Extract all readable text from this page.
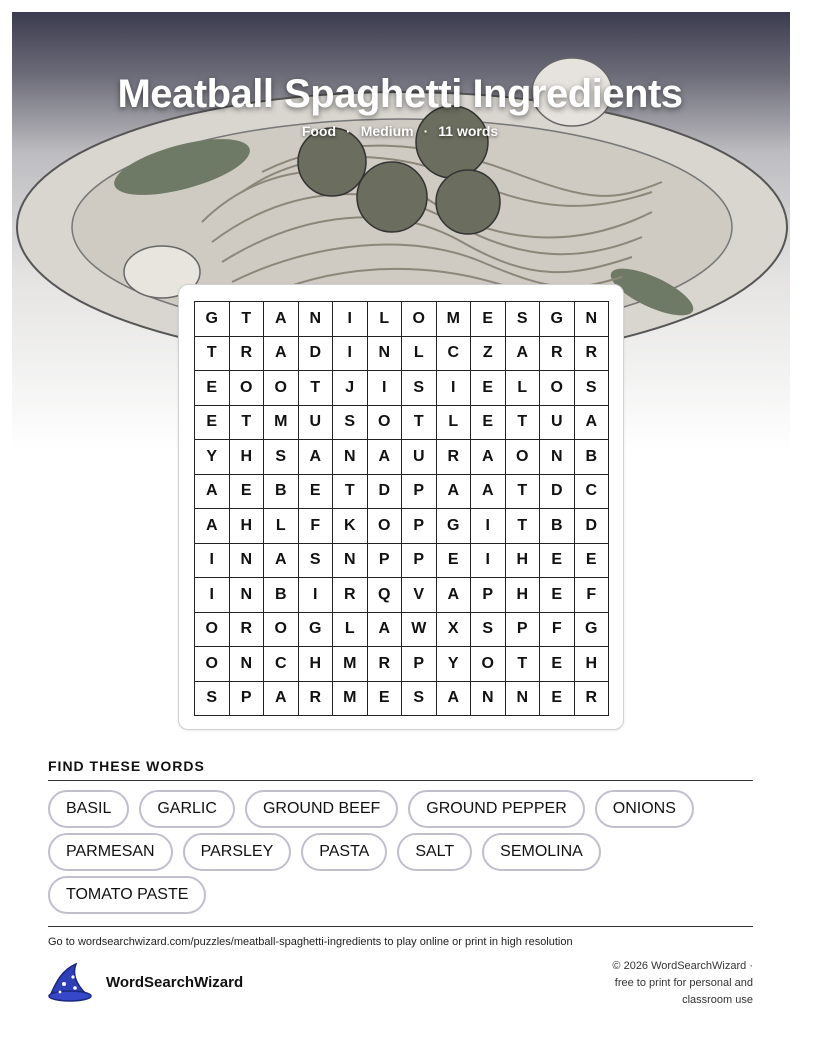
Meatball Spaghetti Ingredients
Food · Medium · 11 words
G	T	A	N	I	L	O	M	E	S	G	N
T	R	A	D	I	N	L	C	Z	A	R	R
E	O	O	T	J	I	S	I	E	L	O	S
E	T	M	U	S	O	T	L	E	T	U	A
Y	H	S	A	N	A	U	R	A	O	N	B
A	E	B	E	T	D	P	A	A	T	D	C
A	H	L	F	K	O	P	G	I	T	B	D
I	N	A	S	N	P	P	E	I	H	E	E
I	N	B	I	R	Q	V	A	P	H	E	F
O	R	O	G	L	A	W	X	S	P	F	G
O	N	C	H	M	R	P	Y	O	T	E	H
S	P	A	R	M	E	S	A	N	N	E	R
FIND THESE WORDS
BASIL	GARLIC	GROUND BEEF	GROUND PEPPER	ONIONS
PARMESAN	PARSLEY	PASTA	SALT	SEMOLINA
TOMATO PASTE
Go to wordsearchwizard.com/puzzles/meatball-spaghetti-ingredients to play online or print in high resolution
WordSearchWizard
© 2026 WordSearchWizard ·
free to print for personal and
classroom use
